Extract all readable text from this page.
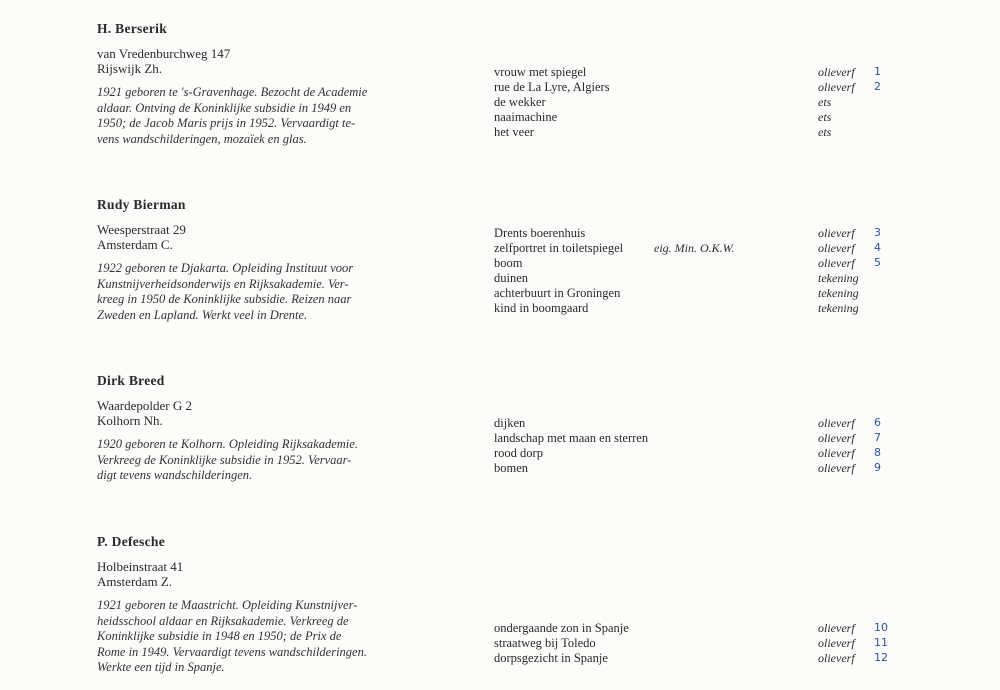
H. Berserik
van Vredenburchweg 147
Rijswijk Zh.
1921 geboren te 's-Gravenhage. Bezocht de Academie
aldaar. Ontving de Koninklijke subsidie in 1949 en
1950; de Jacob Maris prijs in 1952. Vervaardigt te-
vens wandschilderingen, mozaïek en glas.
vrouw met spiegel	olieverf 1
rue de La Lyre, Algiers	olieverf 2
de wekker	ets
naaimachine	ets
het veer	ets
Rudy Bierman
Weesperstraat 29
Amsterdam C.
1922 geboren te Djakarta. Opleiding Instituut voor
Kunstnijverheidsonderwijs en Rijksakademie. Ver-
kreeg in 1950 de Koninklijke subsidie. Reizen naar
Zweden en Lapland. Werkt veel in Drente.
Drents boerenhuis	olieverf 3
zelfportret in toiletspiegel	eig. Min. O.K.W.	olieverf 4
boom	olieverf 5
duinen	tekening
achterbuurt in Groningen	tekening
kind in boomgaard	tekening
Dirk Breed
Waardepolder G 2
Kolhorn Nh.
1920 geboren te Kolhorn. Opleiding Rijksakademie.
Verkreeg de Koninklijke subsidie in 1952. Vervaar-
digt tevens wandschilderingen.
dijken	olieverf 6
landschap met maan en sterren	olieverf 7
rood dorp	olieverf 8
bomen	olieverf 9
P. Defesche
Holbeinstraat 41
Amsterdam Z.
1921 geboren te Maastricht. Opleiding Kunstnijver-
heidsschool aldaar en Rijksakademie. Verkreeg de
Koninklijke subsidie in 1948 en 1950; de Prix de
Rome in 1949. Vervaardigt tevens wandschilderingen.
Werkte een tijd in Spanje.
ondergaande zon in Spanje	olieverf 10
straatweg bij Toledo	olieverf 11
dorpsgezicht in Spanje	olieverf 12
